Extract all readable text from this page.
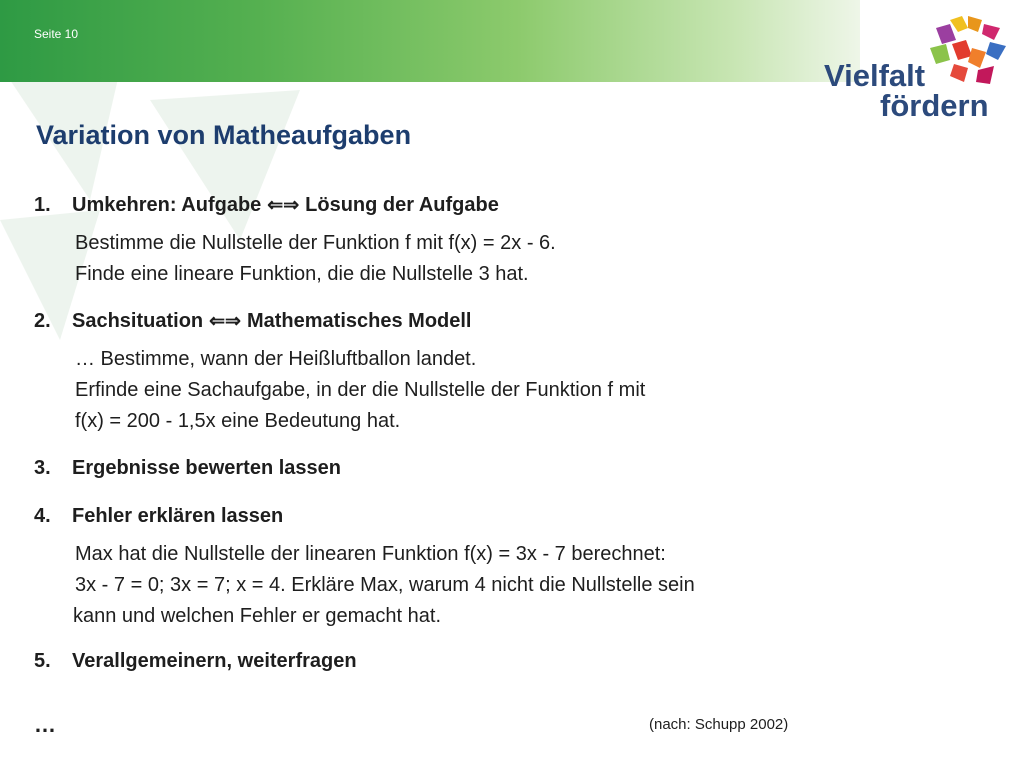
Seite 10
Vielfalt
fördern
Variation von Matheaufgaben
1.	Umkehren: Aufgabe ⇐⇒ Lösung der Aufgabe
Bestimme die Nullstelle der Funktion f mit f(x) = 2x - 6.
Finde eine lineare Funktion, die die Nullstelle 3 hat.
2.	Sachsituation ⇐⇒ Mathematisches Modell
… Bestimme, wann der Heißluftballon landet.
Erfinde eine Sachaufgabe, in der die Nullstelle der Funktion f mit
f(x) = 200 - 1,5x eine Bedeutung hat.
3.	Ergebnisse bewerten lassen
4.	Fehler erklären lassen
Max hat die Nullstelle der linearen Funktion f(x) = 3x - 7 berechnet:
3x - 7 = 0; 3x = 7; x = 4. Erkläre Max, warum 4 nicht die Nullstelle sein
kann und welchen Fehler er gemacht hat.
5.	Verallgemeinern, weiterfragen
…	(nach: Schupp 2002)
